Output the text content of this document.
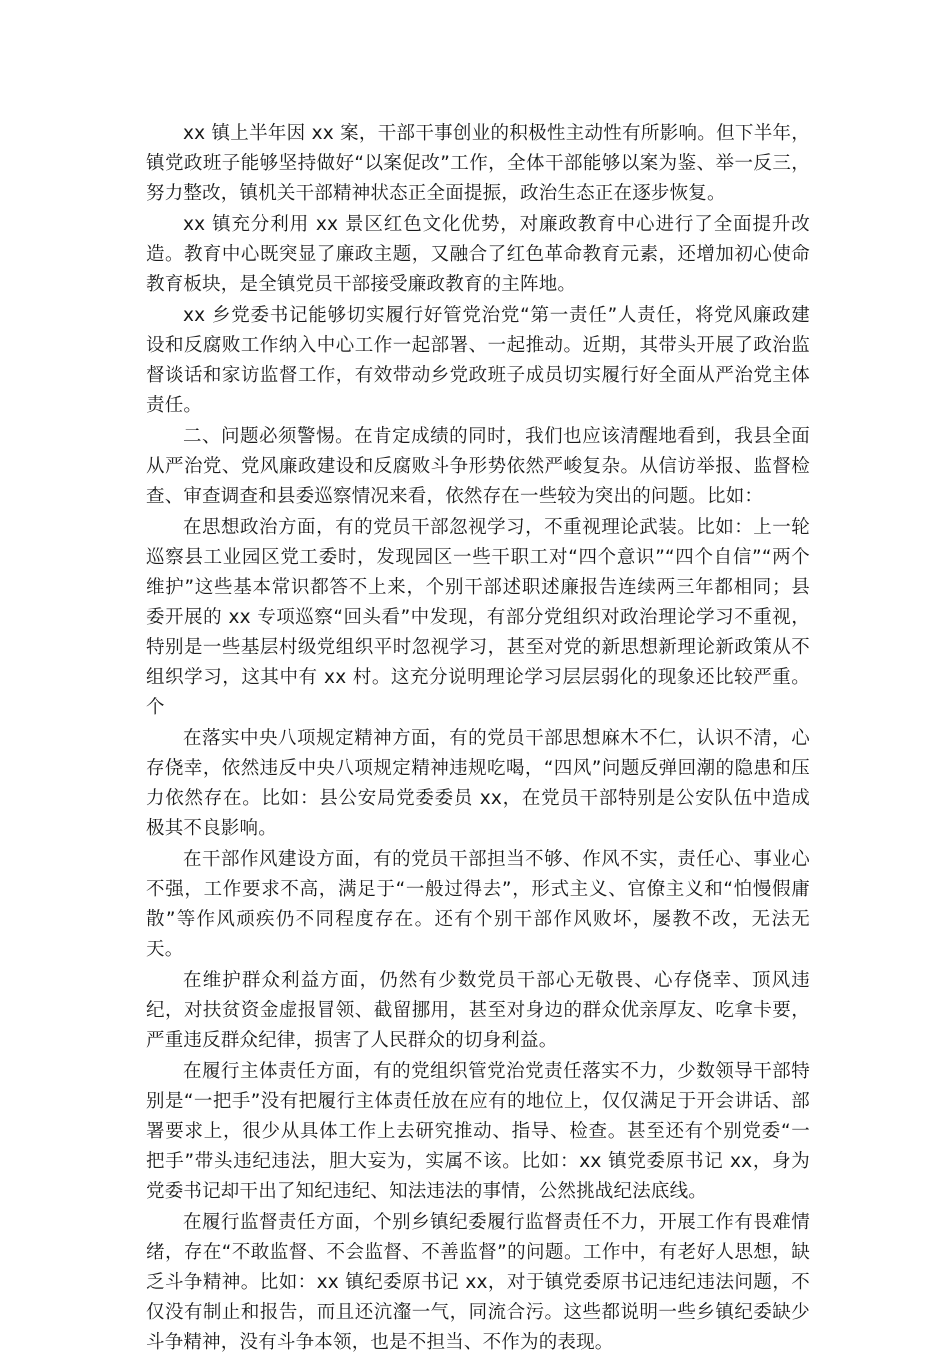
xx 镇上半年因 xx 案，干部干事创业的积极性主动性有所影响。但下半年，镇党政班子能够坚持做好“以案促改”工作，全体干部能够以案为鉴、举一反三，努力整改，镇机关干部精神状态正全面提振，政治生态正在逐步恢复。

xx 镇充分利用 xx 景区红色文化优势，对廉政教育中心进行了全面提升改造。教育中心既突显了廉政主题，又融合了红色革命教育元素，还增加初心使命教育板块，是全镇党员干部接受廉政教育的主阵地。

xx 乡党委书记能够切实履行好管党治党“第一责任”人责任，将党风廉政建设和反腐败工作纳入中心工作一起部署、一起推动。近期，其带头开展了政治监督谈话和家访监督工作，有效带动乡党政班子成员切实履行好全面从严治党主体责任。

二、问题必须警惕。在肯定成绩的同时，我们也应该清醒地看到，我县全面从严治党、党风廉政建设和反腐败斗争形势依然严峻复杂。从信访举报、监督检查、审查调查和县委巡察情况来看，依然存在一些较为突出的问题。比如：

在思想政治方面，有的党员干部忽视学习，不重视理论武装。比如：上一轮巡察县工业园区党工委时，发现园区一些干职工对“四个意识”“四个自信”“两个维护”这些基本常识都答不上来，个别干部述职述廉报告连续两三年都相同；县委开展的 xx 专项巡察“回头看”中发现，有部分党组织对政治理论学习不重视，特别是一些基层村级党组织平时忽视学习，甚至对党的新思想新理论新政策从不组织学习，这其中有 xx 村。这充分说明理论学习层层弱化的现象还比较严重。个

在落实中央八项规定精神方面，有的党员干部思想麻木不仁，认识不清，心存侥幸，依然违反中央八项规定精神违规吃喝，“四风”问题反弹回潮的隐患和压力依然存在。比如：县公安局党委委员 xx，在党员干部特别是公安队伍中造成极其不良影响。

在干部作风建设方面，有的党员干部担当不够、作风不实，责任心、事业心不强，工作要求不高，满足于“一般过得去”，形式主义、官僚主义和“怕慢假庸散”等作风顽疾仍不同程度存在。还有个别干部作风败坏，屡教不改，无法无天。

在维护群众利益方面，仍然有少数党员干部心无敬畏、心存侥幸、顶风违纪，对扶贫资金虚报冒领、截留挪用，甚至对身边的群众优亲厚友、吃拿卡要，严重违反群众纪律，损害了人民群众的切身利益。

在履行主体责任方面，有的党组织管党治党责任落实不力，少数领导干部特别是“一把手”没有把履行主体责任放在应有的地位上，仅仅满足于开会讲话、部署要求上，很少从具体工作上去研究推动、指导、检查。甚至还有个别党委“一把手”带头违纪违法，胆大妄为，实属不该。比如：xx 镇党委原书记 xx，身为党委书记却干出了知纪违纪、知法违法的事情，公然挑战纪法底线。

在履行监督责任方面，个别乡镇纪委履行监督责任不力，开展工作有畏难情绪，存在“不敢监督、不会监督、不善监督”的问题。工作中，有老好人思想，缺乏斗争精神。比如：xx 镇纪委原书记 xx，对于镇党委原书记违纪违法问题，不仅没有制止和报告，而且还沆瀣一气，同流合污。这些都说明一些乡镇纪委缺少斗争精神，没有斗争本领，也是不担当、不作为的表现。
